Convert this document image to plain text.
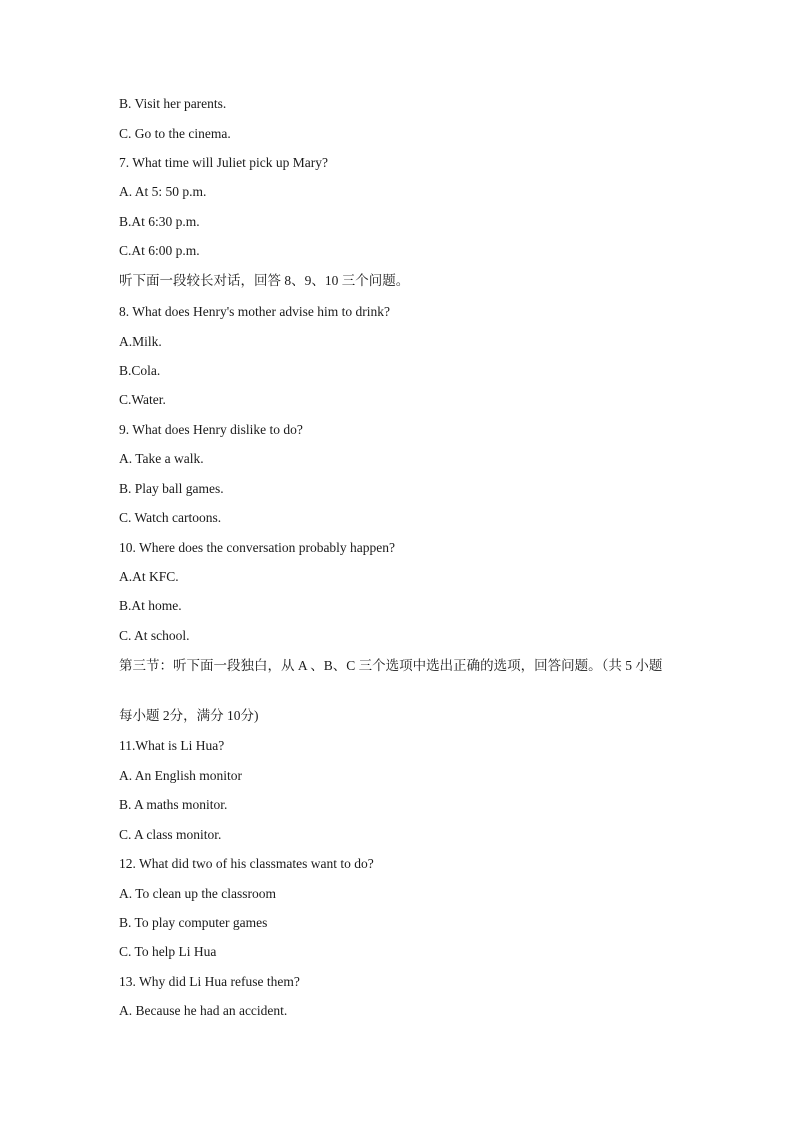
B. Visit her parents.
C. Go to the cinema.
7. What time will Juliet pick up Mary?
A. At 5: 50 p.m.
B.At 6:30 p.m.
C.At 6:00 p.m.
听下面一段较长对话，回答 8、9、10 三个问题。
8. What does Henry's mother advise him to drink?
A.Milk.
B.Cola.
C.Water.
9. What does Henry dislike to do?
A. Take a walk.
B. Play ball games.
C. Watch cartoons.
10. Where does the conversation probably happen?
A.At KFC.
B.At home.
C. At school.
第三节：听下面一段独白，从 A 、B、C 三个选项中选出正确的选项，回答问题。（共 5 小题
每小题 2分，满分 10分)
11.What is Li Hua?
A. An English monitor
B. A maths monitor.
C. A class monitor.
12. What did two of his classmates want to do?
A. To clean up the classroom
B. To play computer games
C. To help Li Hua
13. Why did Li Hua refuse them?
A. Because he had an accident.
